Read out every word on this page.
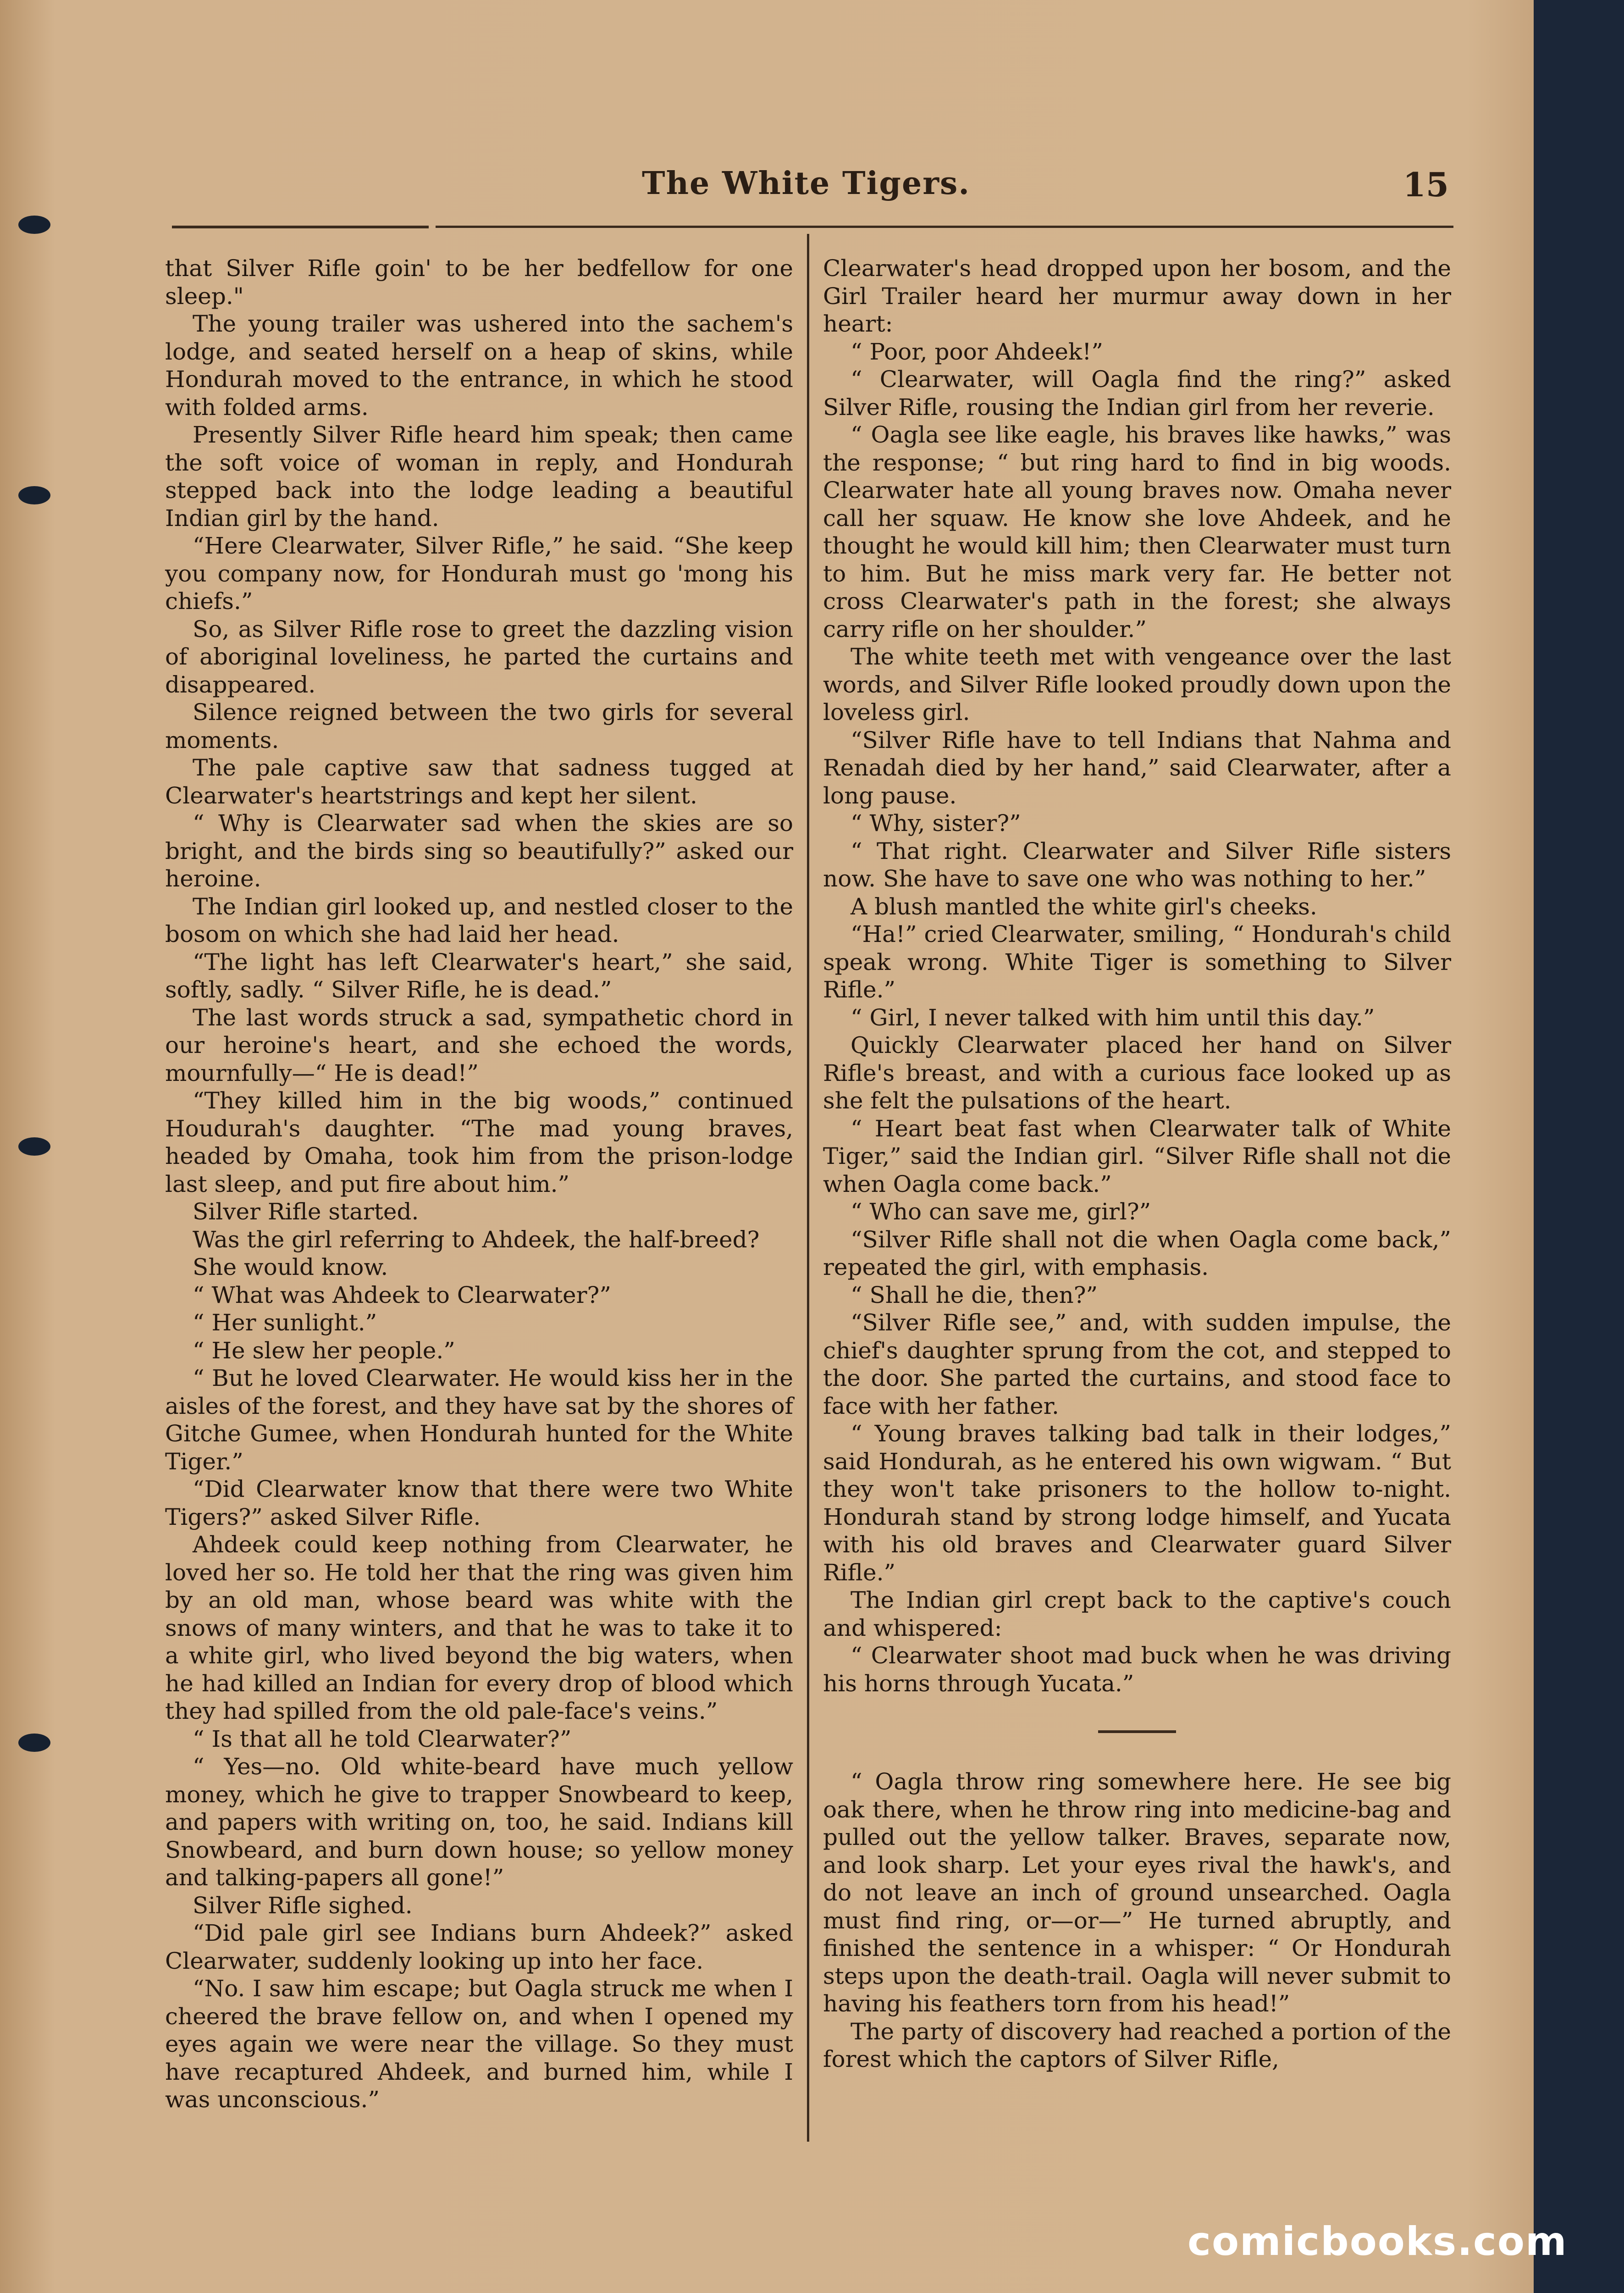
The White Tigers.	15

that Silver Rifle goin' to be her bedfellow for one sleep."

The young trailer was ushered into the sachem's lodge, and seated herself on a heap of skins, while Hondurah moved to the entrance, in which he stood with folded arms.

Presently Silver Rifle heard him speak; then came the soft voice of woman in reply, and Hondurah stepped back into the lodge leading a beautiful Indian girl by the hand.

“Here Clearwater, Silver Rifle,” he said. “She keep you company now, for Hondurah must go 'mong his chiefs.”

So, as Silver Rifle rose to greet the dazzling vision of aboriginal loveliness, he parted the curtains and disappeared.

Silence reigned between the two girls for several moments.

The pale captive saw that sadness tugged at Clearwater's heartstrings and kept her silent.

“ Why is Clearwater sad when the skies are so bright, and the birds sing so beautifully?” asked our heroine.

The Indian girl looked up, and nestled closer to the bosom on which she had laid her head.

“The light has left Clearwater's heart,” she said, softly, sadly. “ Silver Rifle, he is dead.”

The last words struck a sad, sympathetic chord in our heroine's heart, and she echoed the words, mournfully—“ He is dead!”

“They killed him in the big woods,” continued Houdurah's daughter. “The mad young braves, headed by Omaha, took him from the prison-lodge last sleep, and put fire about him.”

Silver Rifle started.

Was the girl referring to Ahdeek, the half-breed?

She would know.

“ What was Ahdeek to Clearwater?”

“ Her sunlight.”

“ He slew her people.”

“ But he loved Clearwater. He would kiss her in the aisles of the forest, and they have sat by the shores of Gitche Gumee, when Hondurah hunted for the White Tiger.”

“Did Clearwater know that there were two White Tigers?” asked Silver Rifle.

Ahdeek could keep nothing from Clearwater, he loved her so. He told her that the ring was given him by an old man, whose beard was white with the snows of many winters, and that he was to take it to a white girl, who lived beyond the big waters, when he had killed an Indian for every drop of blood which they had spilled from the old pale-face's veins.”

“ Is that all he told Clearwater?”

“ Yes—no. Old white-beard have much yellow money, which he give to trapper Snowbeard to keep, and papers with writing on, too, he said. Indians kill Snowbeard, and burn down house; so yellow money and talking-papers all gone!”

Silver Rifle sighed.

“Did pale girl see Indians burn Ahdeek?” asked Clearwater, suddenly looking up into her face.

“No. I saw him escape; but Oagla struck me when I cheered the brave fellow on, and when I opened my eyes again we were near the village. So they must have recaptured Ahdeek, and burned him, while I was unconscious.”

Clearwater's head dropped upon her bosom, and the Girl Trailer heard her murmur away down in her heart:

“ Poor, poor Ahdeek!”

“ Clearwater, will Oagla find the ring?” asked Silver Rifle, rousing the Indian girl from her reverie.

“ Oagla see like eagle, his braves like hawks,” was the response; “ but ring hard to find in big woods. Clearwater hate all young braves now. Omaha never call her squaw. He know she love Ahdeek, and he thought he would kill him; then Clearwater must turn to him. But he miss mark very far. He better not cross Clearwater's path in the forest; she always carry rifle on her shoulder.”

The white teeth met with vengeance over the last words, and Silver Rifle looked proudly down upon the loveless girl.

“Silver Rifle have to tell Indians that Nahma and Renadah died by her hand,” said Clearwater, after a long pause.

“ Why, sister?”

“ That right. Clearwater and Silver Rifle sisters now. She have to save one who was nothing to her.”

A blush mantled the white girl's cheeks.

“Ha!” cried Clearwater, smiling, “ Hondurah's child speak wrong. White Tiger is something to Silver Rifle.”

“ Girl, I never talked with him until this day.”

Quickly Clearwater placed her hand on Silver Rifle's breast, and with a curious face looked up as she felt the pulsations of the heart.

“ Heart beat fast when Clearwater talk of White Tiger,” said the Indian girl. “Silver Rifle shall not die when Oagla come back.”

“ Who can save me, girl?”

“Silver Rifle shall not die when Oagla come back,” repeated the girl, with emphasis.

“ Shall he die, then?”

“Silver Rifle see,” and, with sudden impulse, the chief's daughter sprung from the cot, and stepped to the door. She parted the curtains, and stood face to face with her father.

“ Young braves talking bad talk in their lodges,” said Hondurah, as he entered his own wigwam. “ But they won't take prisoners to the hollow to-night. Hondurah stand by strong lodge himself, and Yucata with his old braves and Clearwater guard Silver Rifle.”

The Indian girl crept back to the captive's couch and whispered:

“ Clearwater shoot mad buck when he was driving his horns through Yucata.”

“ Oagla throw ring somewhere here. He see big oak there, when he throw ring into medicine-bag and pulled out the yellow talker. Braves, separate now, and look sharp. Let your eyes rival the hawk's, and do not leave an inch of ground unsearched. Oagla must find ring, or—or—” He turned abruptly, and finished the sentence in a whisper: “ Or Hondurah steps upon the death-trail. Oagla will never submit to having his feathers torn from his head!”

The party of discovery had reached a portion of the forest which the captors of Silver Rifle,

comicbooks.com
